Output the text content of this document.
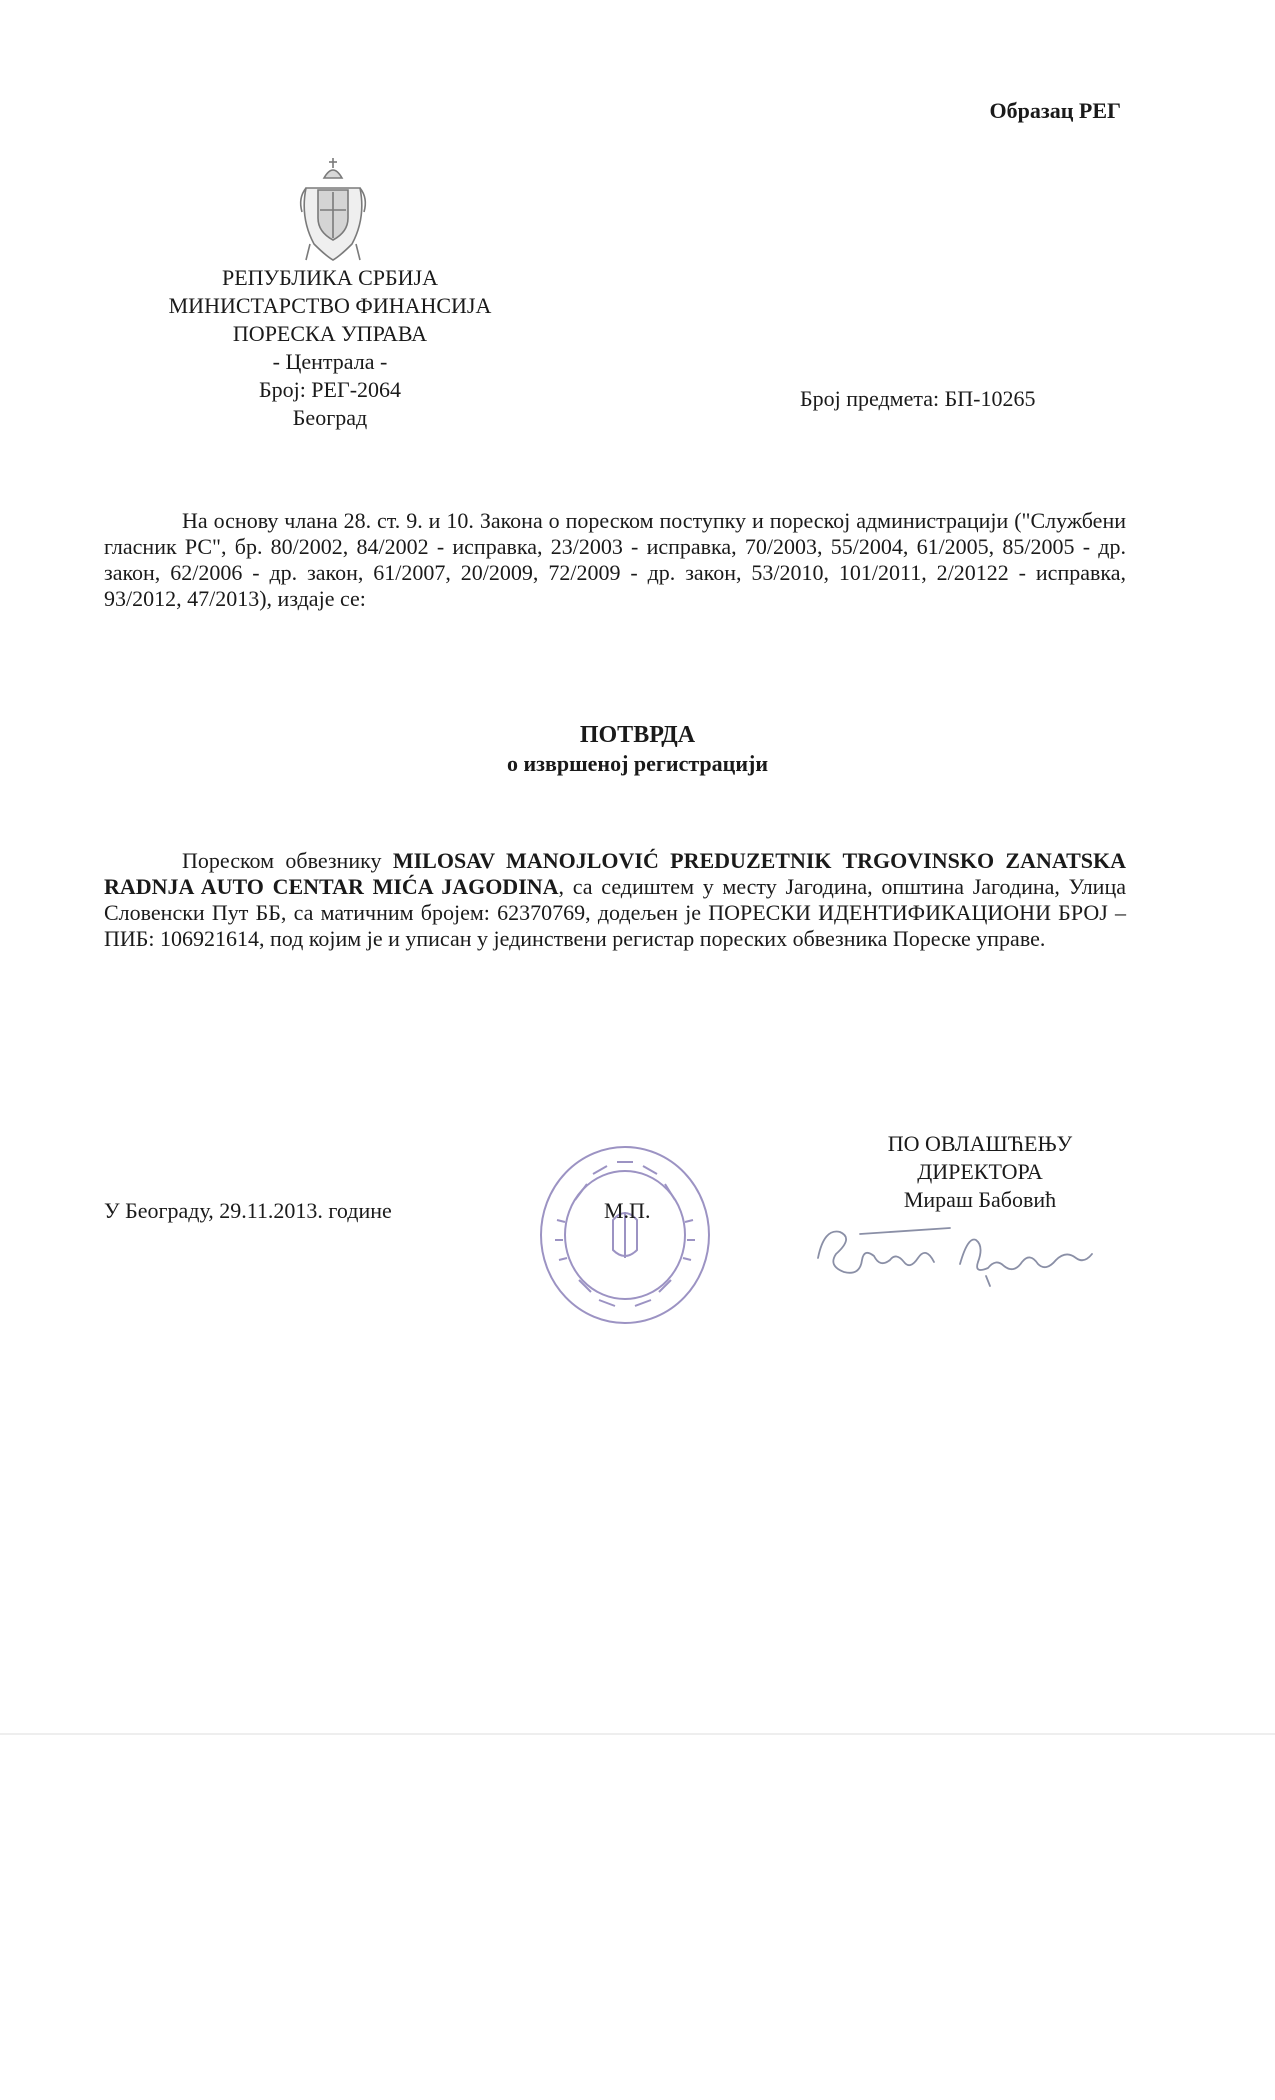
Образац РЕГ
РЕПУБЛИКА СРБИЈА
МИНИСТАРСТВО ФИНАНСИЈА
ПОРЕСКА УПРАВА
- Централа -
Број: РЕГ-2064
Београд
Број предмета: БП-10265
На основу члана 28. ст. 9. и 10. Закона о пореском поступку и пореској администрацији ("Службени гласник РС", бр. 80/2002, 84/2002 - исправка, 23/2003 - исправка, 70/2003, 55/2004, 61/2005, 85/2005 - др. закон, 62/2006 - др. закон, 61/2007, 20/2009, 72/2009 - др. закон, 53/2010, 101/2011, 2/20122 - исправка, 93/2012, 47/2013), издаје се:
ПОТВРДА
о извршеној регистрацији
Пореском обвезнику MILOSAV MANOJLOVIĆ PREDUZETNIK TRGOVINSKO ZANATSKA RADNJA AUTO CENTAR MIĆA JAGODINA, са седиштем у месту Јагодина, општина Јагодина, Улица Словенски Пут ББ, са матичним бројем: 62370769, додељен је ПОРЕСКИ ИДЕНТИФИКАЦИОНИ БРОЈ – ПИБ: 106921614, под којим је и уписан у јединствени регистар пореских обвезника Пореске управе.
У Београду, 29.11.2013. године	М.П.
ПО ОВЛАШЋЕЊУ
ДИРЕКТОРА
Мираш Бабовић
